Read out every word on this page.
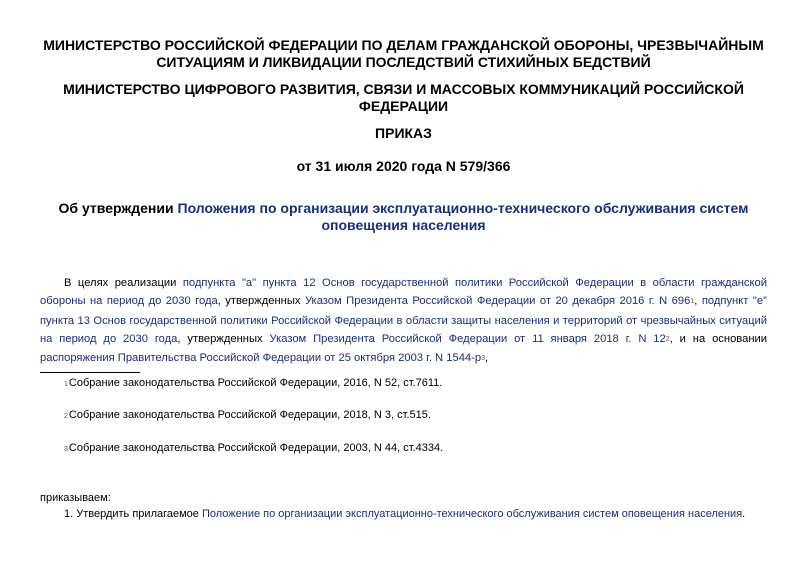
МИНИСТЕРСТВО РОССИЙСКОЙ ФЕДЕРАЦИИ ПО ДЕЛАМ ГРАЖДАНСКОЙ ОБОРОНЫ, ЧРЕЗВЫЧАЙНЫМ СИТУАЦИЯМ И ЛИКВИДАЦИИ ПОСЛЕДСТВИЙ СТИХИЙНЫХ БЕДСТВИЙ

МИНИСТЕРСТВО ЦИФРОВОГО РАЗВИТИЯ, СВЯЗИ И МАССОВЫХ КОММУНИКАЦИЙ РОССИЙСКОЙ ФЕДЕРАЦИИ

ПРИКАЗ

от 31 июля 2020 года N 579/366

Об утверждении Положения по организации эксплуатационно-технического обслуживания систем оповещения населения

В целях реализации подпункта "а" пункта 12 Основ государственной политики Российской Федерации в области гражданской обороны на период до 2030 года, утвержденных Указом Президента Российской Федерации от 20 декабря 2016 г. N 696$^1$, подпункт "е" пункта 13 Основ государственной политики Российской Федерации в области защиты населения и территорий от чрезвычайных ситуаций на период до 2030 года, утвержденных Указом Президента Российской Федерации от 11 января 2018 г. N 12$^2$, и на основании распоряжения Правительства Российской Федерации от 25 октября 2003 г. N 1544-р$^3$,

1Собрание законодательства Российской Федерации, 2016, N 52, ст.7611.

2Собрание законодательства Российской Федерации, 2018, N 3, ст.515.

3Собрание законодательства Российской Федерации, 2003, N 44, ст.4334.

приказываем:

1. Утвердить прилагаемое Положение по организации эксплуатационно-технического обслуживания систем оповещения населения.
